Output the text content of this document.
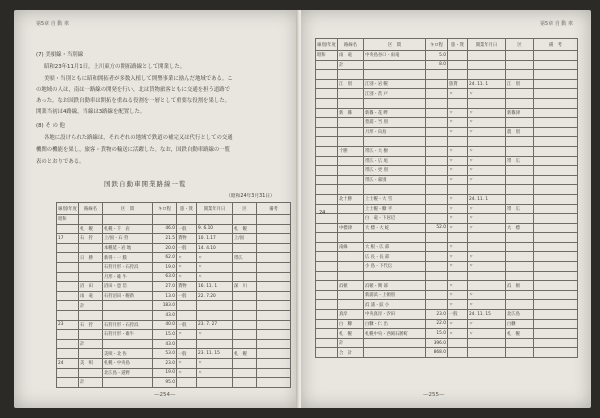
第5章 自 動 車
(7) 美唄線・当別線
昭和23年11月1日，上川東方の開拓路線として開業した。
美唄・当別ともに昭和開拓者が多数入植して開墾事業に励んだ地域である。こ
の地域の人は，南は一路線の開発を行い，北は貨物旅客ともに交通を担う道路で
あった。なお国鉄自動車は開拓を重ねる役割を一層として重要な役割を果した。
開業当初は4路線，当線は3路線を配置した。
(8) そ の 他
各地に設けられた路線は，それぞれの地域で鉄道の補完又は代行としての交通
機関の機能を果し，旅客・貨物の輸送に活躍した。なお，国鉄自動車路線の一覧
表のとおりである。
国鉄自動車開業路線一覧
（昭和24年3月31日）
線別/年度	路線名	区　間	キロ程	旅・貨	開業年月日	区	備考
昭和							
	札　幌	札幌・千　岩	46.0	一般	9. 6.10	札　幌	
17	石　狩	上/国・石 狩	21.5	貨物	10. 1.17	上/国	
		本幌延・岩 地	20.0	一般	14. 4.10		
	日　勝	新得・一 膜	62.0	〃	〃	帯広	
		石狩月形・石狩浜	19.0	〃	〃		
		月形・碓 牛	63.0	〃	〃		
	沼　田	沼田・恵 岱	27.0	貨物	16. 11. 1	深　川	
	雨　竜	石狩沼田・幌新	13.0	一般	22. 7.20		
	計		183.0				
			43.0				
23	石　狩	石狩月形・石狩浜	40.0	一般	23. 7. 27		
		石狩月形・碓牛	15.0	〃	〃		
	計		43.0				
		美唄・北 佐	53.0	一般	23. 11. 15	札　幌	
24	美　唄	札幌・中央島	23.0	〃	〃		
		北広島・道野	19.0	〃	〃		
	計		95.0				
—254—
第5章 自 動 車
線別/年度	路線名	区　間	キロ程	旅・貨	開業年月日	区	備　考
昭和	雨　竜	中央島谷口・雨竜	5.0				
	計		8.0				

	江　別	江別・岩 幌		旅貨	24. 11. 1	江　別	
		江別・茨 戸		〃	〃		

	新　篠	新篠・花 畔		〃	〃	新篠津	
		豊浦・当 別		〃	〃		
		月形・向島		〃	〃	農　別	

	十勝	帯広・大 樹		〃	〃		
		帯広・広 尾		〃	〃	帯　広	
		帯広・更 別		〃	〃		
		帯広・幕別		〃	〃		

	北十勝	上士幌・大 雪		〃	24. 11. 1		
		上士幌・糠 平		〃	〃	帯　広	
		白　竜・下居辺		〃	〃		
	中標津	大 標・大 蛇	52.0	〃	〃	大　標	

	南線	大 根・広 部		〃			
		広 長・長 部		〃	〃		
		小 島・下代伝		〃	〃		

	浜頓	浜頓・興 部		〃		浜　頓	
		新浦浜・上頓別		〃	〃		
		浜 浦・紋 小		〃	〃		
	真岸	中央真岸・汐田	23.0	一般	24. 11. 15	北広島	
	白　糠	白糠・仁 出	22.0	〃	〃	白糠	
	札　幌	札幌中央・西岡石勝町	15.0	〃	〃	札　幌	
	計		396.0				
	合　計		868.0				
24
—255—
